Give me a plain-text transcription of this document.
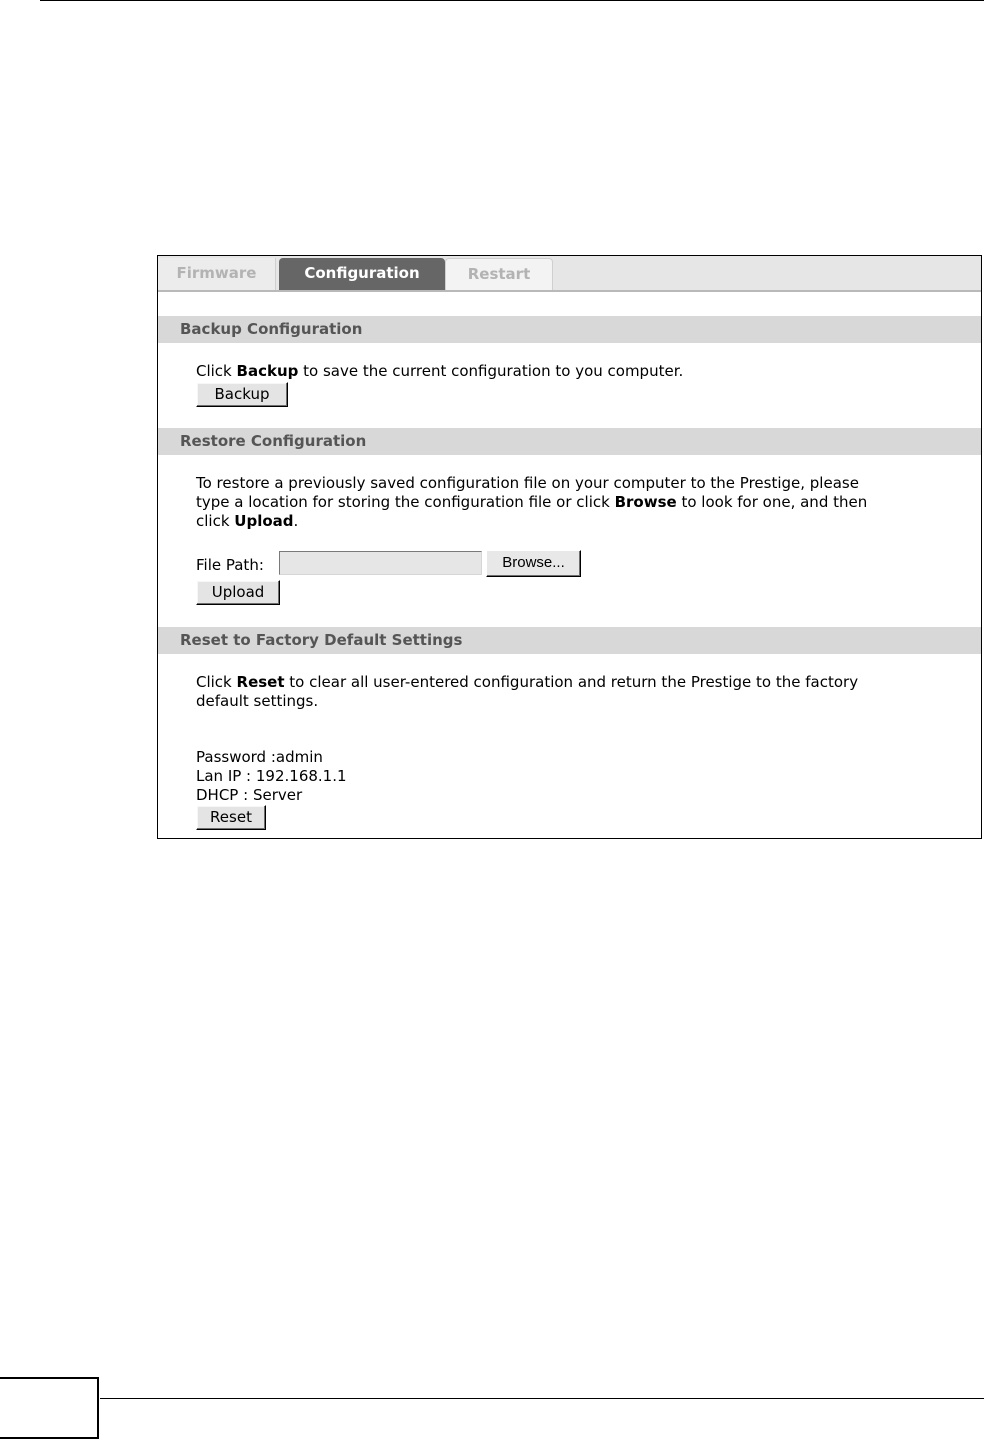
Firmware	Configuration	Restart
Backup Configuration
Click Backup to save the current configuration to you computer.
Backup
Restore Configuration
To restore a previously saved configuration file on your computer to the Prestige, please
type a location for storing the configuration file or click Browse to look for one, and then
click Upload.
File Path:	Browse...
Upload
Reset to Factory Default Settings
Click Reset to clear all user-entered configuration and return the Prestige to the factory
default settings.
Password :admin
Lan IP : 192.168.1.1
DHCP : Server
Reset
